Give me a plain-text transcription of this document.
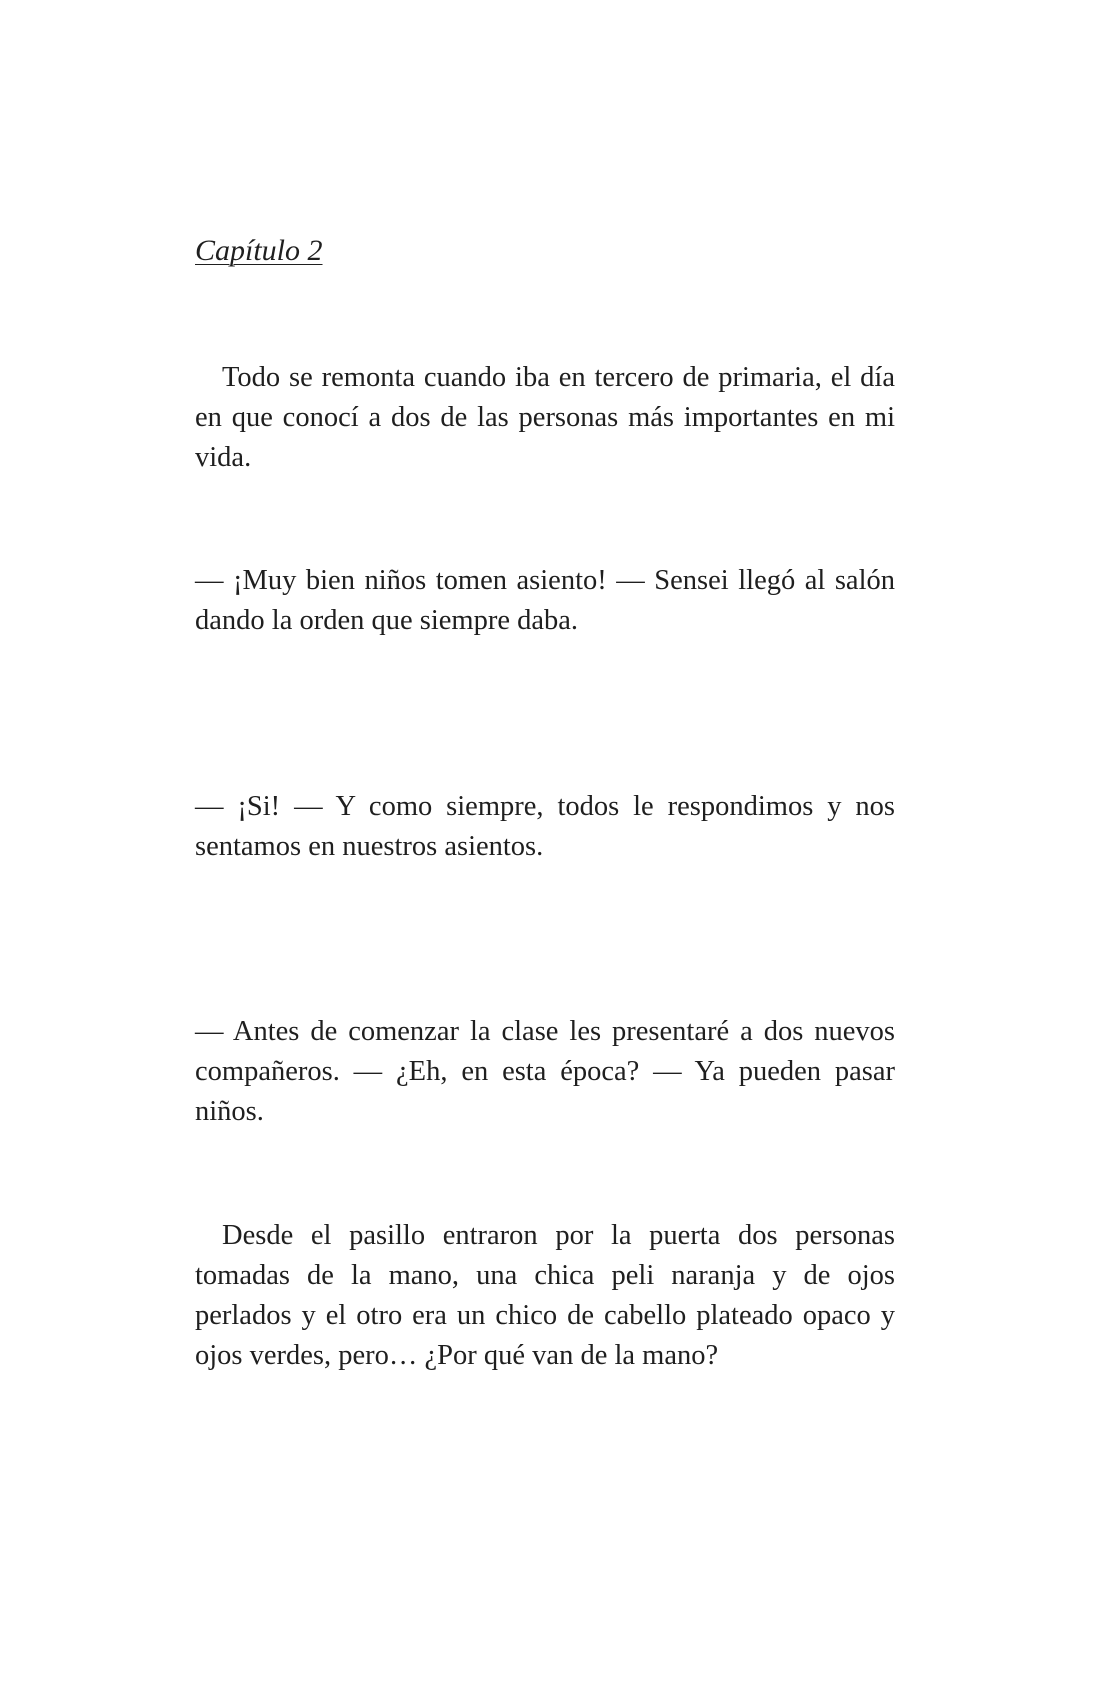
Capítulo 2

Todo se remonta cuando iba en tercero de primaria, el día en que conocí a dos de las personas más importantes en mi vida.

— ¡Muy bien niños tomen asiento! — Sensei llegó al salón dando la orden que siempre daba.

— ¡Si! — Y como siempre, todos le respondimos y nos sentamos en nuestros asientos.

— Antes de comenzar la clase les presentaré a dos nuevos compañeros. — ¿Eh, en esta época? — Ya pueden pasar niños.

Desde el pasillo entraron por la puerta dos personas tomadas de la mano, una chica peli naranja y de ojos perlados y el otro era un chico de cabello plateado opaco y ojos verdes, pero… ¿Por qué van de la mano?
